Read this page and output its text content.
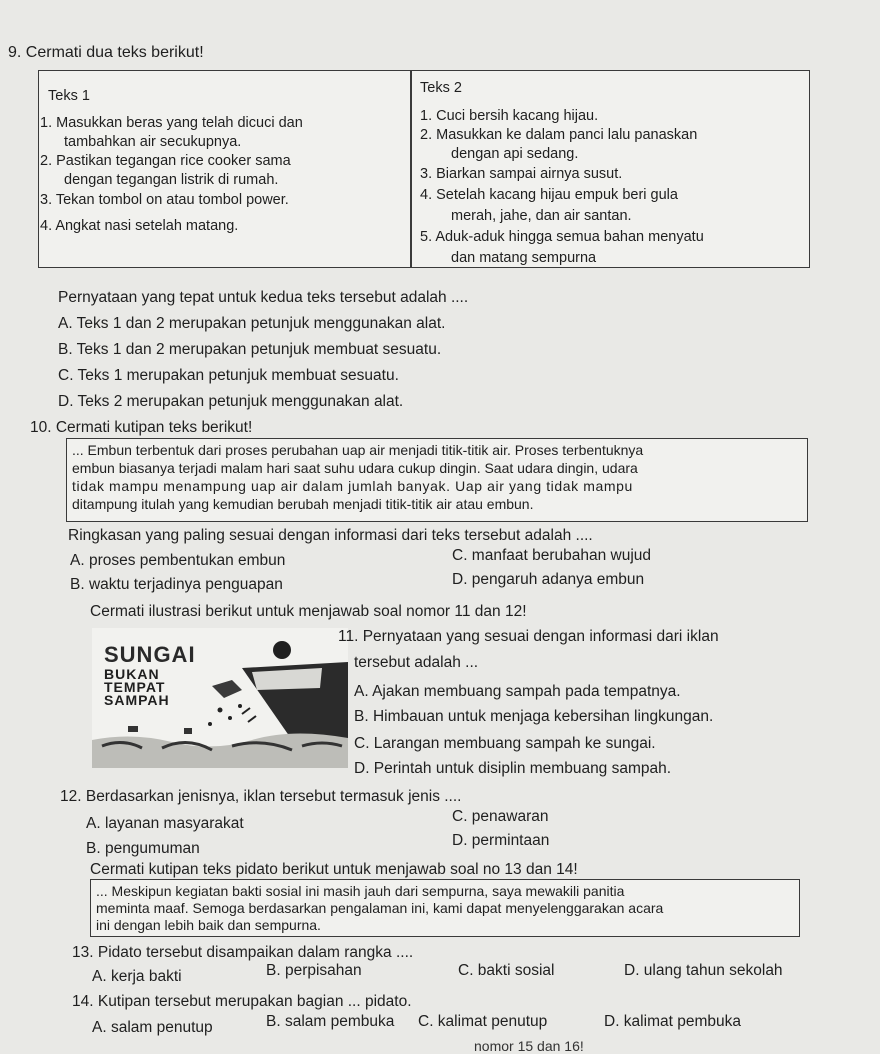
9. Cermati dua teks berikut!
Teks 1
1. Masukkan beras yang telah dicuci dan
tambahkan air secukupnya.
2. Pastikan tegangan rice cooker sama
dengan tegangan listrik di rumah.
3. Tekan tombol on atau tombol power.
4. Angkat nasi setelah matang.
Teks 2
1. Cuci bersih kacang hijau.
2. Masukkan ke dalam panci lalu panaskan
dengan api sedang.
3. Biarkan sampai airnya susut.
4. Setelah kacang hijau empuk beri gula
merah, jahe, dan air santan.
5. Aduk-aduk hingga semua bahan menyatu
dan matang sempurna
Pernyataan yang tepat untuk kedua teks tersebut adalah ....
A. Teks 1 dan 2 merupakan petunjuk menggunakan alat.
B. Teks 1 dan 2 merupakan petunjuk membuat sesuatu.
C. Teks 1 merupakan petunjuk membuat sesuatu.
D. Teks 2 merupakan petunjuk menggunakan alat.
10. Cermati kutipan teks berikut!
... Embun terbentuk dari proses perubahan uap air menjadi titik-titik air. Proses terbentuknya
embun biasanya terjadi malam hari saat suhu udara cukup dingin. Saat udara dingin, udara
tidak mampu menampung uap air dalam jumlah banyak. Uap air yang tidak mampu
ditampung itulah yang kemudian berubah menjadi titik-titik air atau embun.
Ringkasan yang paling sesuai dengan informasi dari teks tersebut adalah ....
A. proses pembentukan embun
B. waktu terjadinya penguapan
C. manfaat berubahan wujud
D. pengaruh adanya embun
Cermati ilustrasi berikut untuk menjawab soal nomor 11 dan 12!
SUNGAI
BUKAN
TEMPAT
SAMPAH
11. Pernyataan yang sesuai dengan informasi dari iklan
tersebut adalah ...
A. Ajakan membuang sampah pada tempatnya.
B. Himbauan untuk menjaga kebersihan lingkungan.
C. Larangan membuang sampah ke sungai.
D. Perintah untuk disiplin membuang sampah.
12. Berdasarkan jenisnya, iklan tersebut termasuk jenis ....
A. layanan masyarakat
B. pengumuman
C. penawaran
D. permintaan
Cermati kutipan teks pidato berikut untuk menjawab soal no 13 dan 14!
... Meskipun kegiatan bakti sosial ini masih jauh dari sempurna, saya mewakili panitia
meminta maaf. Semoga berdasarkan pengalaman ini, kami dapat menyelenggarakan acara
ini dengan lebih baik dan sempurna.
13. Pidato tersebut disampaikan dalam rangka ....
A. kerja bakti	B. perpisahan	C. bakti sosial	D. ulang tahun sekolah
14. Kutipan tersebut merupakan bagian ... pidato.
A. salam penutup	B. salam pembuka C. kalimat penutup	D. kalimat pembuka
nomor 15 dan 16!
